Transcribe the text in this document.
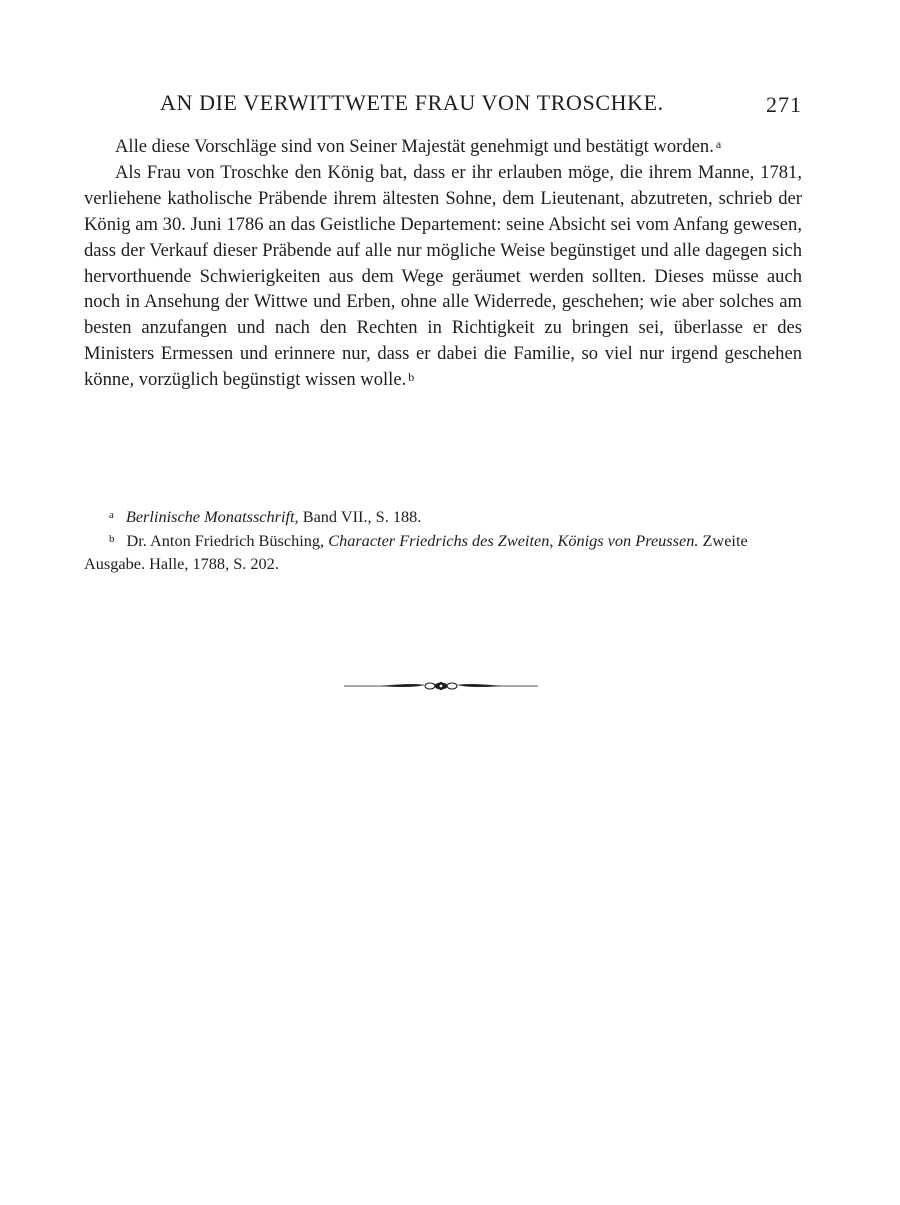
AN DIE VERWITTWETE FRAU VON TROSCHKE.	271

Alle diese Vorschläge sind von Seiner Majestät genehmigt und bestätigt worden. $^a$

Als Frau von Troschke den König bat, dass er ihr erlauben möge, die ihrem Manne, 1781, verliehene katholische Präbende ihrem ältesten Sohne, dem Lieutenant, abzutreten, schrieb der König am 30. Juni 1786 an das Geistliche Departement: seine Absicht sei vom Anfang gewesen, dass der Verkauf dieser Präbende auf alle nur mögliche Weise begünstiget und alle dagegen sich hervorthuende Schwierigkeiten aus dem Wege geräumet werden sollten. Dieses müsse auch noch in Ansehung der Wittwe und Erben, ohne alle Widerrede, geschehen; wie aber solches am besten anzufangen und nach den Rechten in Richtigkeit zu bringen sei, überlasse er des Ministers Ermessen und erinnere nur, dass er dabei die Familie, so viel nur irgend geschehen könne, vorzüglich begünstigt wissen wolle. $^b$

$^a$ Berlinische Monatsschrift, Band VII., S. 188.

$^b$ Dr. Anton Friedrich Büsching, Character Friedrichs des Zweiten, Königs von Preussen. Zweite Ausgabe. Halle, 1788, S. 202.
